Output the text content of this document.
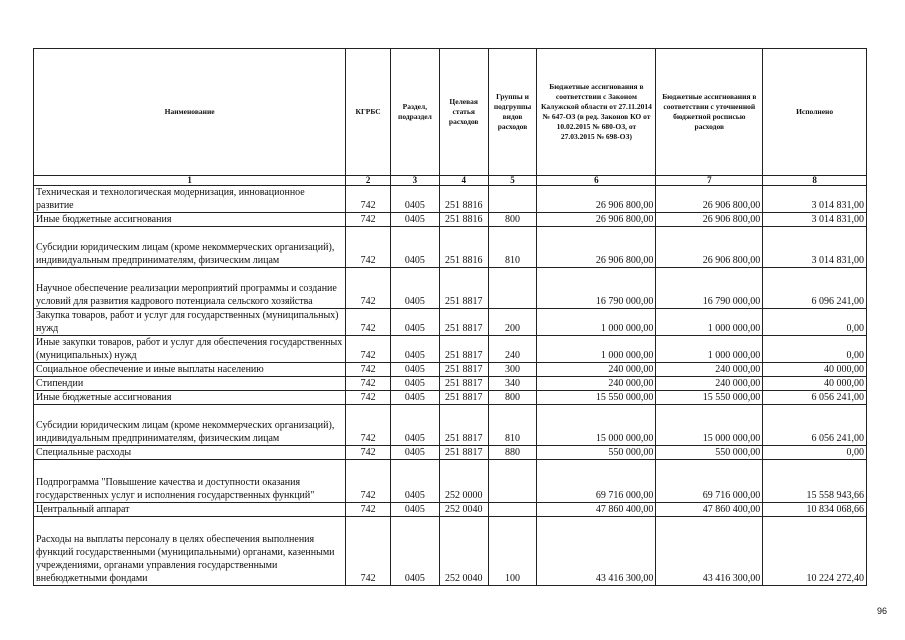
Наименование	КГРБС	Раздел, подраздел	Целевая статья расходов	Группы и подгруппы видов расходов	Бюджетные ассигнования в соответствии с Законом Калужской области от 27.11.2014 № 647-ОЗ (в ред. Законов КО от 10.02.2015 № 680-ОЗ, от 27.03.2015 № 698-ОЗ)	Бюджетные ассигнования в соответствии с уточненной бюджетной росписью расходов	Исполнено
1	2	3	4	5	6	7	8
Техническая и технологическая модернизация, инновационное развитие	742	0405	251 8816		26 906 800,00	26 906 800,00	3 014 831,00
Иные бюджетные ассигнования	742	0405	251 8816	800	26 906 800,00	26 906 800,00	3 014 831,00
Субсидии юридическим лицам (кроме некоммерческих организаций), индивидуальным предпринимателям, физическим лицам	742	0405	251 8816	810	26 906 800,00	26 906 800,00	3 014 831,00
Научное обеспечение реализации мероприятий программы и создание условий для развития кадрового потенциала сельского хозяйства	742	0405	251 8817		16 790 000,00	16 790 000,00	6 096 241,00
Закупка товаров, работ и услуг для государственных (муниципальных) нужд	742	0405	251 8817	200	1 000 000,00	1 000 000,00	0,00
Иные закупки товаров, работ и услуг для обеспечения государственных (муниципальных) нужд	742	0405	251 8817	240	1 000 000,00	1 000 000,00	0,00
Социальное обеспечение и иные выплаты населению	742	0405	251 8817	300	240 000,00	240 000,00	40 000,00
Стипендии	742	0405	251 8817	340	240 000,00	240 000,00	40 000,00
Иные бюджетные ассигнования	742	0405	251 8817	800	15 550 000,00	15 550 000,00	6 056 241,00
Субсидии юридическим лицам (кроме некоммерческих организаций), индивидуальным предпринимателям, физическим лицам	742	0405	251 8817	810	15 000 000,00	15 000 000,00	6 056 241,00
Специальные расходы	742	0405	251 8817	880	550 000,00	550 000,00	0,00
Подпрограмма "Повышение качества и доступности оказания государственных услуг и исполнения государственных функций"	742	0405	252 0000		69 716 000,00	69 716 000,00	15 558 943,66
Центральный аппарат	742	0405	252 0040		47 860 400,00	47 860 400,00	10 834 068,66
Расходы на выплаты персоналу в целях обеспечения выполнения функций государственными (муниципальными) органами, казенными учреждениями, органами управления государственными внебюджетными фондами	742	0405	252 0040	100	43 416 300,00	43 416 300,00	10 224 272,40
96
